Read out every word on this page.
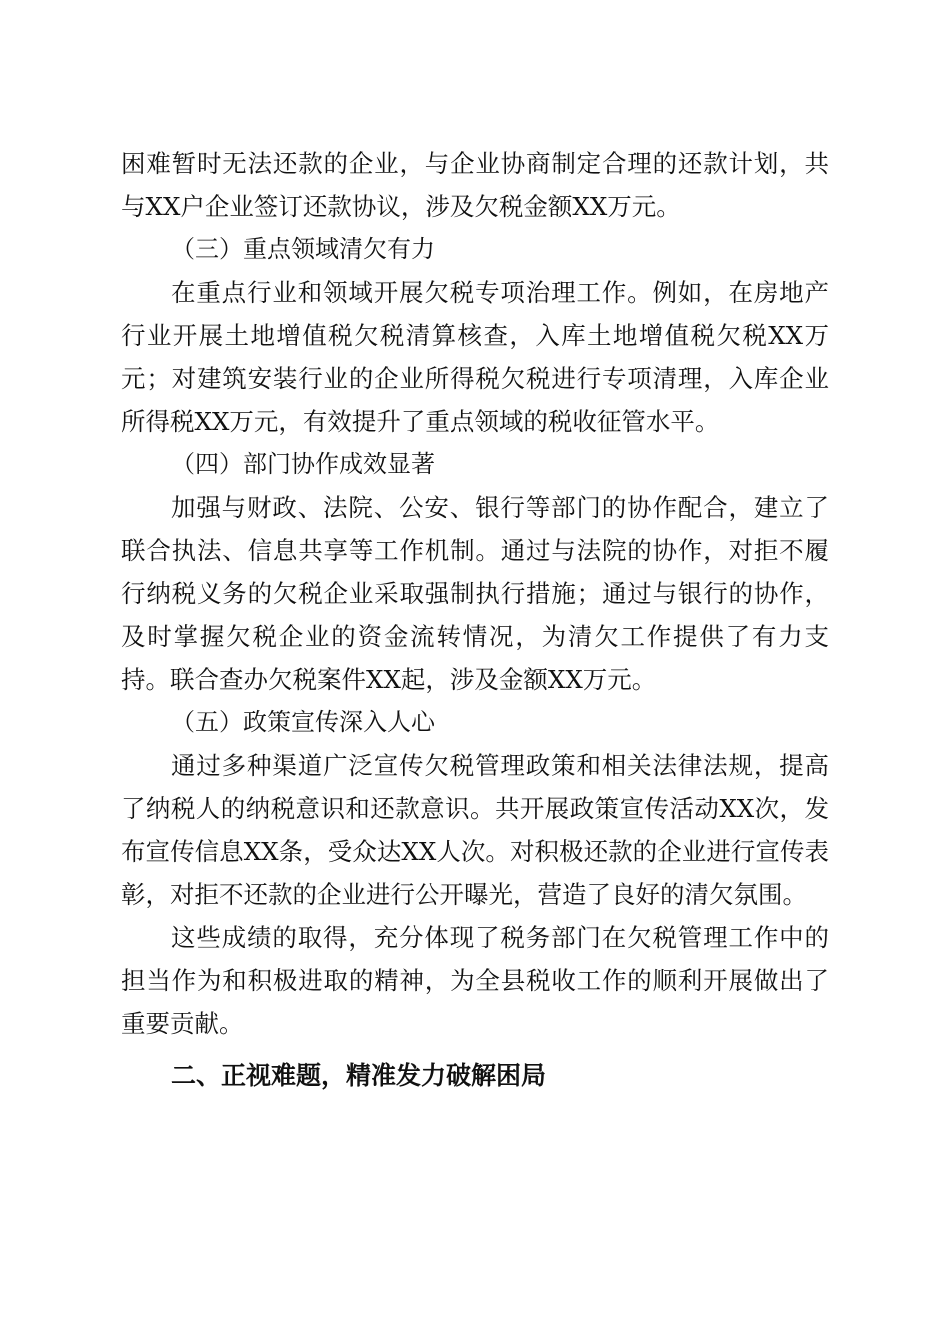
困难暂时无法还款的企业，与企业协商制定合理的还款计划，共与XX户企业签订还款协议，涉及欠税金额XX万元。

（三）重点领域清欠有力

在重点行业和领域开展欠税专项治理工作。例如，在房地产行业开展土地增值税欠税清算核查，入库土地增值税欠税XX万元；对建筑安装行业的企业所得税欠税进行专项清理，入库企业所得税XX万元，有效提升了重点领域的税收征管水平。

（四）部门协作成效显著

加强与财政、法院、公安、银行等部门的协作配合，建立了联合执法、信息共享等工作机制。通过与法院的协作，对拒不履行纳税义务的欠税企业采取强制执行措施；通过与银行的协作，及时掌握欠税企业的资金流转情况，为清欠工作提供了有力支持。联合查办欠税案件XX起，涉及金额XX万元。

（五）政策宣传深入人心

通过多种渠道广泛宣传欠税管理政策和相关法律法规，提高了纳税人的纳税意识和还款意识。共开展政策宣传活动XX次，发布宣传信息XX条，受众达XX人次。对积极还款的企业进行宣传表彰，对拒不还款的企业进行公开曝光，营造了良好的清欠氛围。

这些成绩的取得，充分体现了税务部门在欠税管理工作中的担当作为和积极进取的精神，为全县税收工作的顺利开展做出了重要贡献。

二、正视难题，精准发力破解困局
